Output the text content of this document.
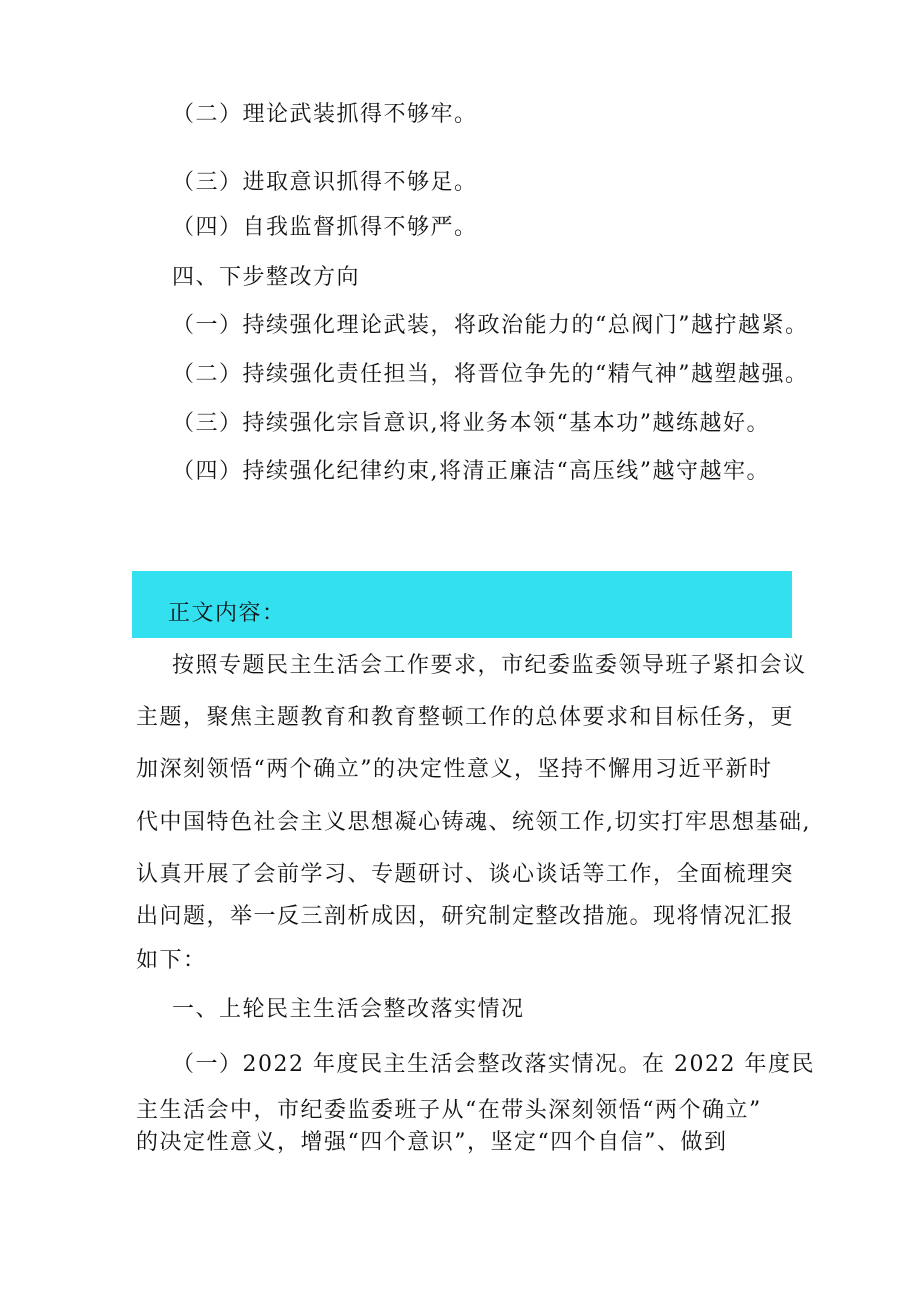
（二）理论武装抓得不够牢。
（三）进取意识抓得不够足。
（四）自我监督抓得不够严。
四、下步整改方向
（一）持续强化理论武装，将政治能力的“总阀门”越拧越紧。
（二）持续强化责任担当，将晋位争先的“精气神”越塑越强。
（三）持续强化宗旨意识,将业务本领“基本功”越练越好。
（四）持续强化纪律约束,将清正廉洁“高压线”越守越牢。
正文内容：
按照专题民主生活会工作要求，市纪委监委领导班子紧扣会议
主题，聚焦主题教育和教育整顿工作的总体要求和目标任务，更
加深刻领悟“两个确立”的决定性意义，坚持不懈用习近平新时
代中国特色社会主义思想凝心铸魂、统领工作,切实打牢思想基础,
认真开展了会前学习、专题研讨、谈心谈话等工作，全面梳理突
出问题，举一反三剖析成因，研究制定整改措施。现将情况汇报
如下：
一、上轮民主生活会整改落实情况
（一）2022 年度民主生活会整改落实情况。在 2022 年度民
主生活会中，市纪委监委班子从“在带头深刻领悟“两个确立”
的决定性意义，增强“四个意识”，坚定“四个自信”、做到
